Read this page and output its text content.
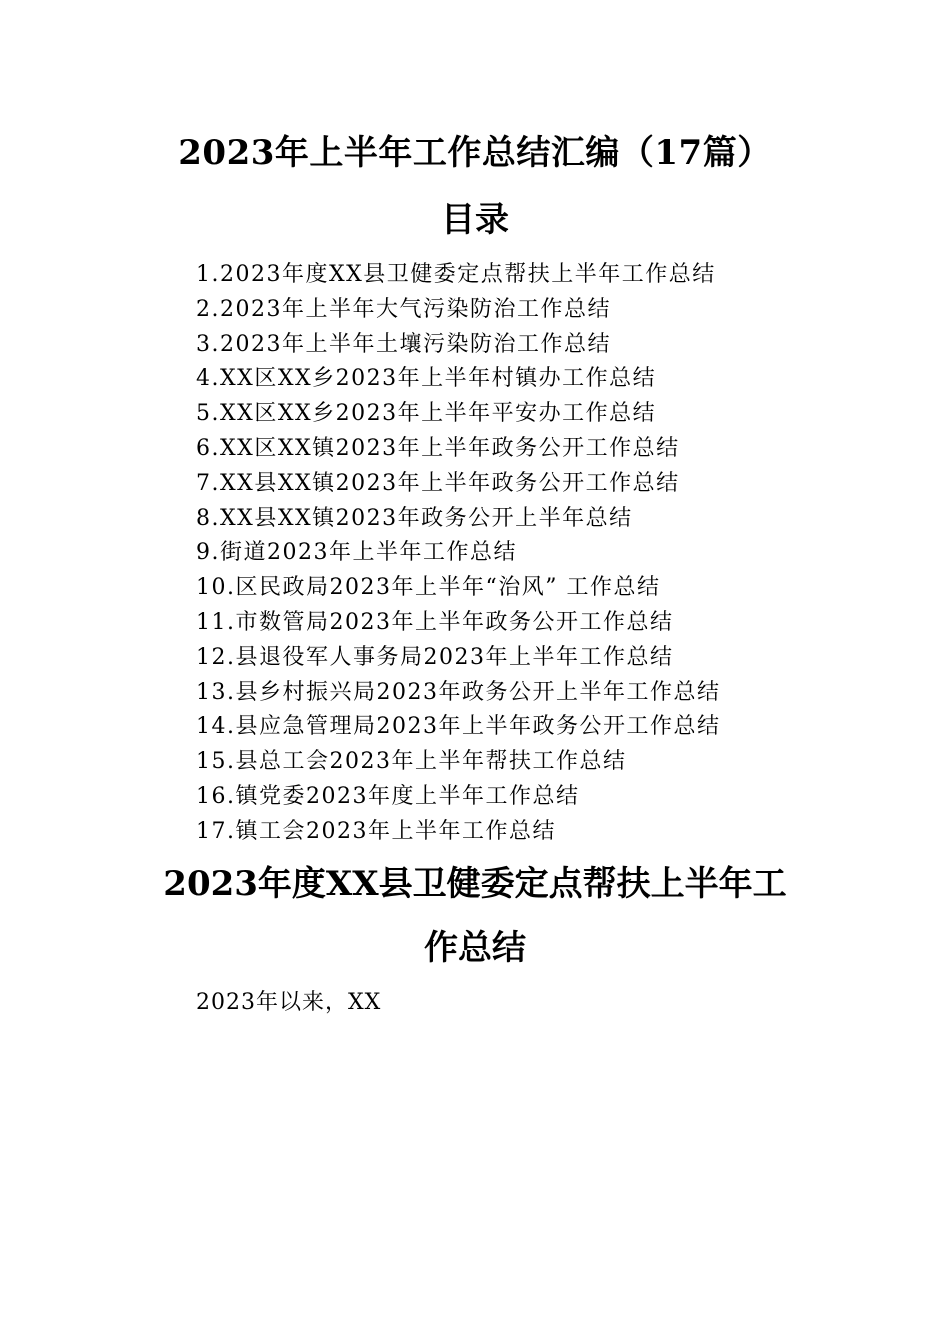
2023年上半年工作总结汇编（17篇）
目录
1.2023年度XX县卫健委定点帮扶上半年工作总结
2.2023年上半年大气污染防治工作总结
3.2023年上半年土壤污染防治工作总结
4.XX区XX乡2023年上半年村镇办工作总结
5.XX区XX乡2023年上半年平安办工作总结
6.XX区XX镇2023年上半年政务公开工作总结
7.XX县XX镇2023年上半年政务公开工作总结
8.XX县XX镇2023年政务公开上半年总结
9.街道2023年上半年工作总结
10.区民政局2023年上半年“治风” 工作总结
11.市数管局2023年上半年政务公开工作总结
12.县退役军人事务局2023年上半年工作总结
13.县乡村振兴局2023年政务公开上半年工作总结
14.县应急管理局2023年上半年政务公开工作总结
15.县总工会2023年上半年帮扶工作总结
16.镇党委2023年度上半年工作总结
17.镇工会2023年上半年工作总结
2023年度XX县卫健委定点帮扶上半年工
作总结
2023年以来，XX
